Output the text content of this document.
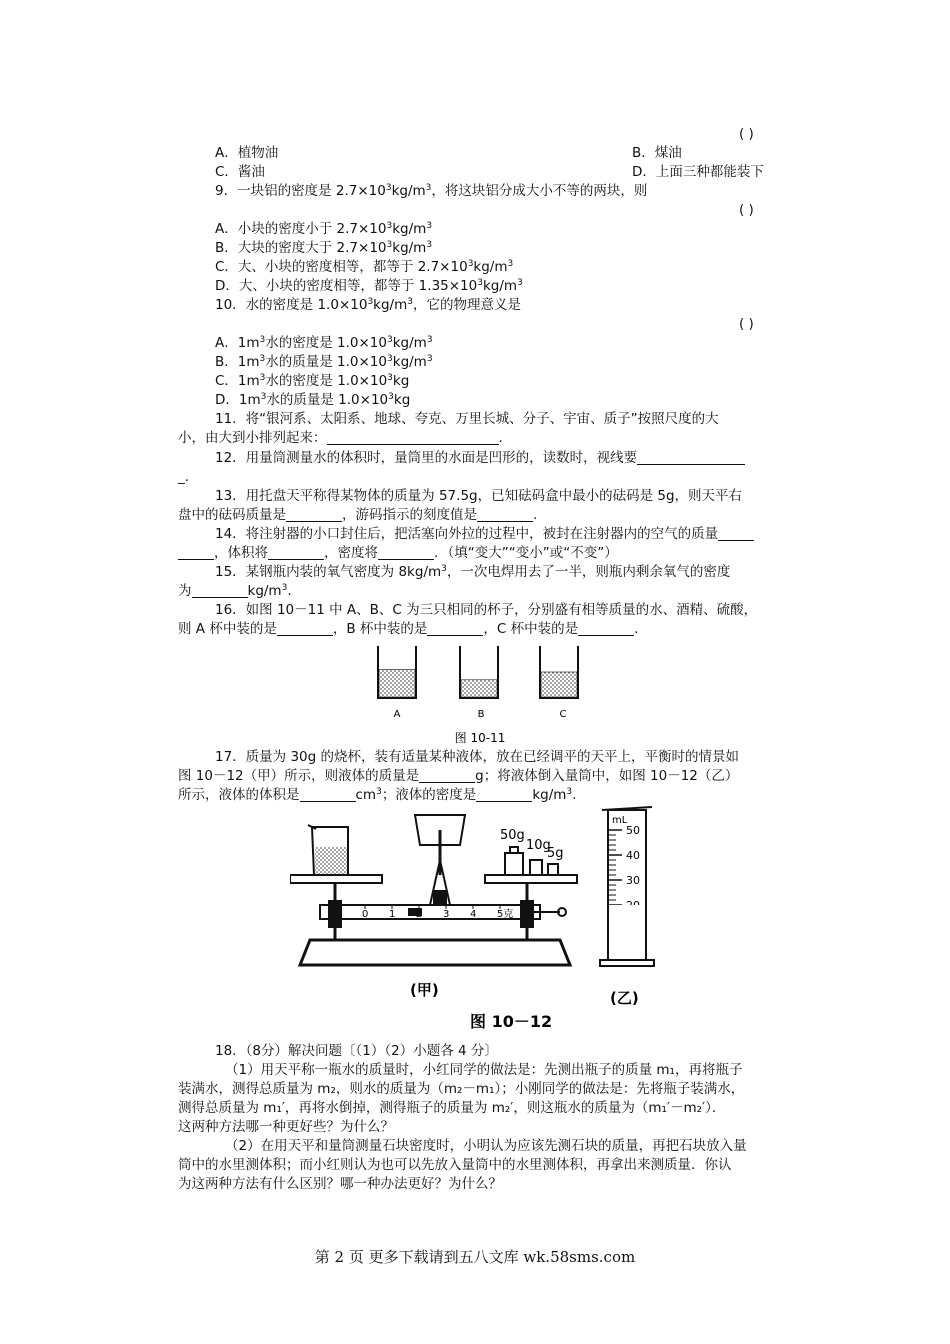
( )
A．植物油	B．煤油
C．酱油	D．上面三种都能装下
9．一块铝的密度是 $2.7\times 10^3kg/m^3$，将这块铝分成大小不等的两块，则
( )
A．小块的密度小于 $2.7\times 10^3kg/m^3$
B．大块的密度大于 $2.7\times 10^3kg/m^3$
C．大、小块的密度相等，都等于 $2.7\times 10^3kg/m^3$
D．大、小块的密度相等，都等于 $1.35\times 10^3kg/m^3$
10．水的密度是 $1.0\times 10^3kg/m^3$，它的物理意义是
( )
A．$1m^3$水的密度是 $1.0\times 10^3kg/m^3$
B．$1m^3$水的质量是 $1.0\times 10^3kg/m^3$
C．$1m^3$水的密度是 $1.0\times 10^3kg$
D．$1m^3$水的质量是 $1.0\times 10^3kg$
11．将“银河系、太阳系、地球、夸克、万里长城、分子、宇宙、质子”按照尺度的大
小，由大到小排列起来：	.
12．用量筒测量水的体积时，量筒里的水面是凹形的，读数时，视线要
_.
13．用托盘天平称得某物体的质量为 57.5g，已知砝码盒中最小的砝码是 5g，则天平右
盘中的砝码质量是	，游码指示的刻度值是	.
14．将注射器的小口封住后，把活塞向外拉的过程中，被封在注射器内的空气的质量
，体积将	，密度将	．（填“变大”“变小”或“不变”）
15．某钢瓶内装的氧气密度为 $8kg/m^3$，一次电焊用去了一半，则瓶内剩余氧气的密度
为	$kg/m^3$.
16．如图 10－11 中 A、B、C 为三只相同的杯子，分别盛有相等质量的水、酒精、硫酸，
则 A 杯中装的是	，B 杯中装的是	，C 杯中装的是	.
A	B	C
图 10-11
17．质量为 30g 的烧杯，装有适量某种液体，放在已经调平的天平上，平衡时的情景如
图 10－12（甲）所示，则液体的质量是	g；将液体倒入量筒中，如图 10－12（乙）
所示，液体的体积是	$cm^3$；液体的密度是	$kg/m^3$.
50g
10g
5g
0 1	3 4 5克
mL
50
40
30
(甲)	(乙)
图 10－12
18．（8分）解决问题〔（1）（2）小题各 4 分〕
（1）用天平称一瓶水的质量时，小红同学的做法是：先测出瓶子的质量 m₁，再将瓶子
装满水，测得总质量为 m₂，则水的质量为（m₂－m₁）；小刚同学的做法是：先将瓶子装满水，
测得总质量为 m₁′，再将水倒掉，测得瓶子的质量为 m₂′，则这瓶水的质量为（m₁′－m₂′）．
这两种方法哪一种更好些？为什么？
（2）在用天平和量筒测量石块密度时，小明认为应该先测石块的质量，再把石块放入量
筒中的水里测体积；而小红则认为也可以先放入量筒中的水里测体积，再拿出来测质量．你认
为这两种方法有什么区别？哪一种办法更好？为什么？
第 2 页 更多下载请到五八文库 wk.58sms.com
